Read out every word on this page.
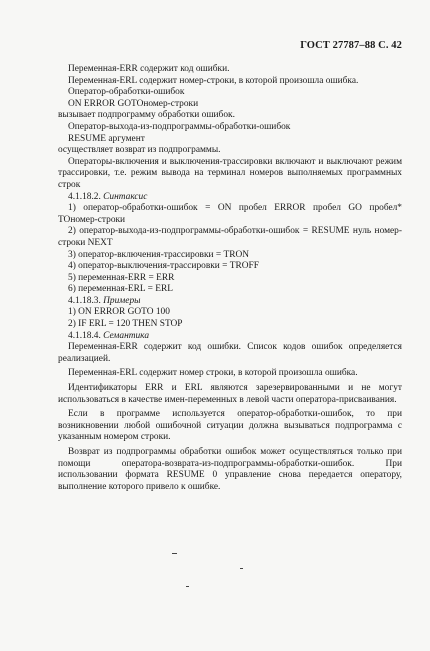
ГОСТ 27787–88 С. 42

Переменная-ERR содержит код ошибки.

Переменная-ERL содержит номер-строки, в которой произошла ошибка.

Оператор-обработки-ошибок

ON ERROR GOTOномер-строки

вызывает подпрограмму обработки ошибок.

Оператор-выхода-из-подпрограммы-обработки-ошибок

RESUME аргумент

осуществляет возврат из подпрограммы.

Операторы-включения и выключения-трассировки включают и выключают режим трассировки, т.е. режим вывода на терминал номеров выполняемых программных строк

4.1.18.2. Синтаксис

1) оператор-обработки-ошибок = ON пробел ERROR пробел GO пробел* TOномер-строки

2) оператор-выхода-из-подпрограммы-обработки-ошибок = RESUME нуль номер-строки NEXT

3) оператор-включения-трассировки = TRON

4) оператор-выключения-трассировки = TROFF

5) переменная-ERR = ERR

6) переменная-ERL = ERL

4.1.18.3. Примеры

1) ON ERROR GOTO 100

2) IF ERL = 120 THEN STOP

4.1.18.4. Семантика

Переменная-ERR содержит код ошибки. Список кодов ошибок определяется реализацией.

Переменная-ERL содержит номер строки, в которой произошла ошибка.

Идентификаторы ERR и ERL являются зарезервированными и не могут использоваться в качестве имен-переменных в левой части оператора-присваивания.

Если в программе используется оператор-обработки-ошибок, то при возникновении любой ошибочной ситуации должна вызываться подпрограмма с указанным номером строки.

Возврат из подпрограммы обработки ошибок может осуществляться только при помощи оператора-возврата-из-подпрограммы-обработки-ошибок. При использовании формата RESUME 0 управление снова передается оператору, выполнение которого привело к ошибке.
